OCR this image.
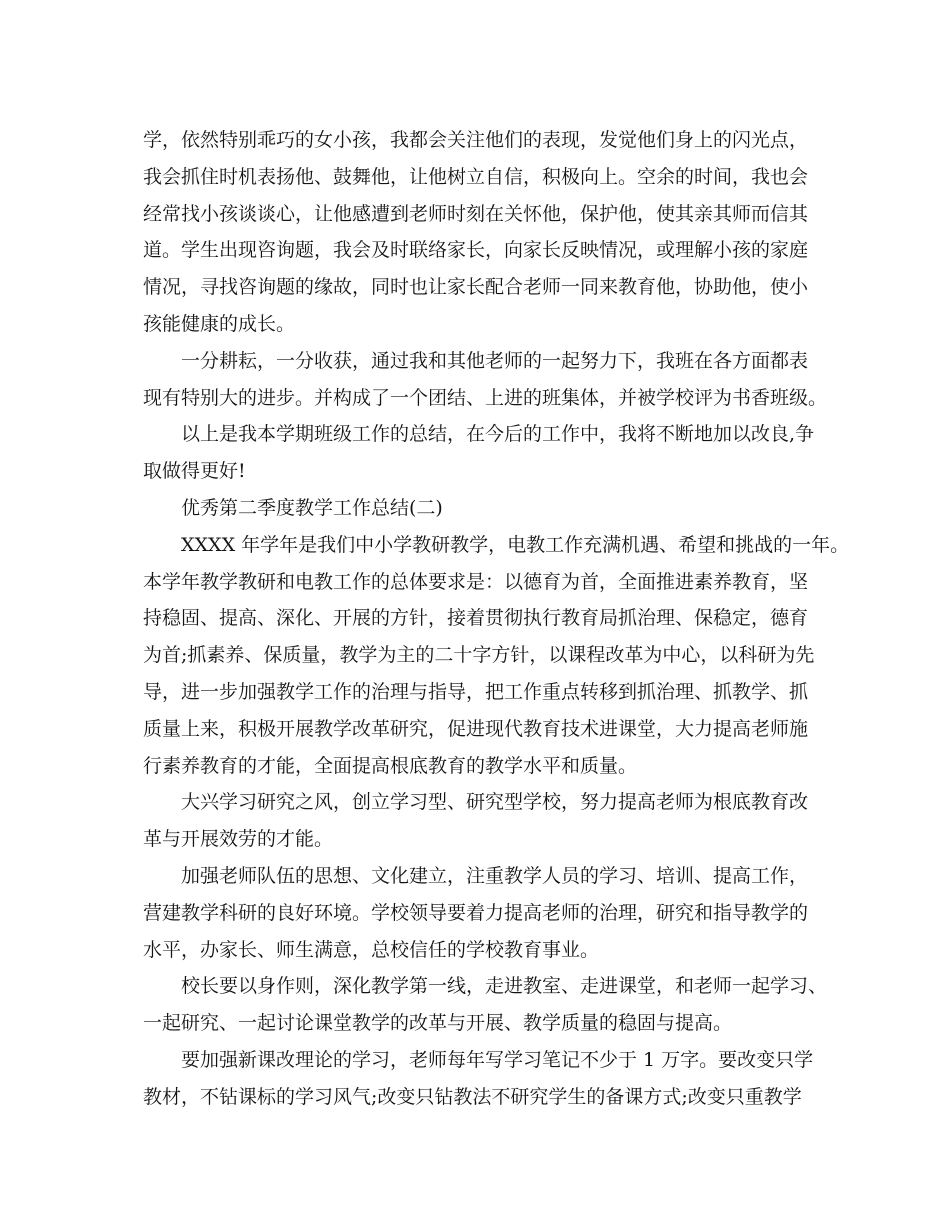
学，依然特别乖巧的女小孩，我都会关注他们的表现，发觉他们身上的闪光点，
我会抓住时机表扬他、鼓舞他，让他树立自信，积极向上。空余的时间，我也会
经常找小孩谈谈心，让他感遭到老师时刻在关怀他，保护他，使其亲其师而信其
道。学生出现咨询题，我会及时联络家长，向家长反映情况，或理解小孩的家庭
情况，寻找咨询题的缘故，同时也让家长配合老师一同来教育他，协助他，使小
孩能健康的成长。
一分耕耘，一分收获，通过我和其他老师的一起努力下，我班在各方面都表
现有特别大的进步。并构成了一个团结、上进的班集体，并被学校评为书香班级。
以上是我本学期班级工作的总结，在今后的工作中，我将不断地加以改良,争
取做得更好!
优秀第二季度教学工作总结(二)
XXXX 年学年是我们中小学教研教学，电教工作充满机遇、希望和挑战的一年。
本学年教学教研和电教工作的总体要求是：以德育为首，全面推进素养教育，坚
持稳固、提高、深化、开展的方针，接着贯彻执行教育局抓治理、保稳定，德育
为首;抓素养、保质量，教学为主的二十字方针，以课程改革为中心，以科研为先
导，进一步加强教学工作的治理与指导，把工作重点转移到抓治理、抓教学、抓
质量上来，积极开展教学改革研究，促进现代教育技术进课堂，大力提高老师施
行素养教育的才能，全面提高根底教育的教学水平和质量。
大兴学习研究之风，创立学习型、研究型学校，努力提高老师为根底教育改
革与开展效劳的才能。
加强老师队伍的思想、文化建立，注重教学人员的学习、培训、提高工作，
营建教学科研的良好环境。学校领导要着力提高老师的治理，研究和指导教学的
水平，办家长、师生满意，总校信任的学校教育事业。
校长要以身作则，深化教学第一线，走进教室、走进课堂，和老师一起学习、
一起研究、一起讨论课堂教学的改革与开展、教学质量的稳固与提高。
要加强新课改理论的学习，老师每年写学习笔记不少于 1 万字。要改变只学
教材，不钻课标的学习风气;改变只钻教法不研究学生的备课方式;改变只重教学
